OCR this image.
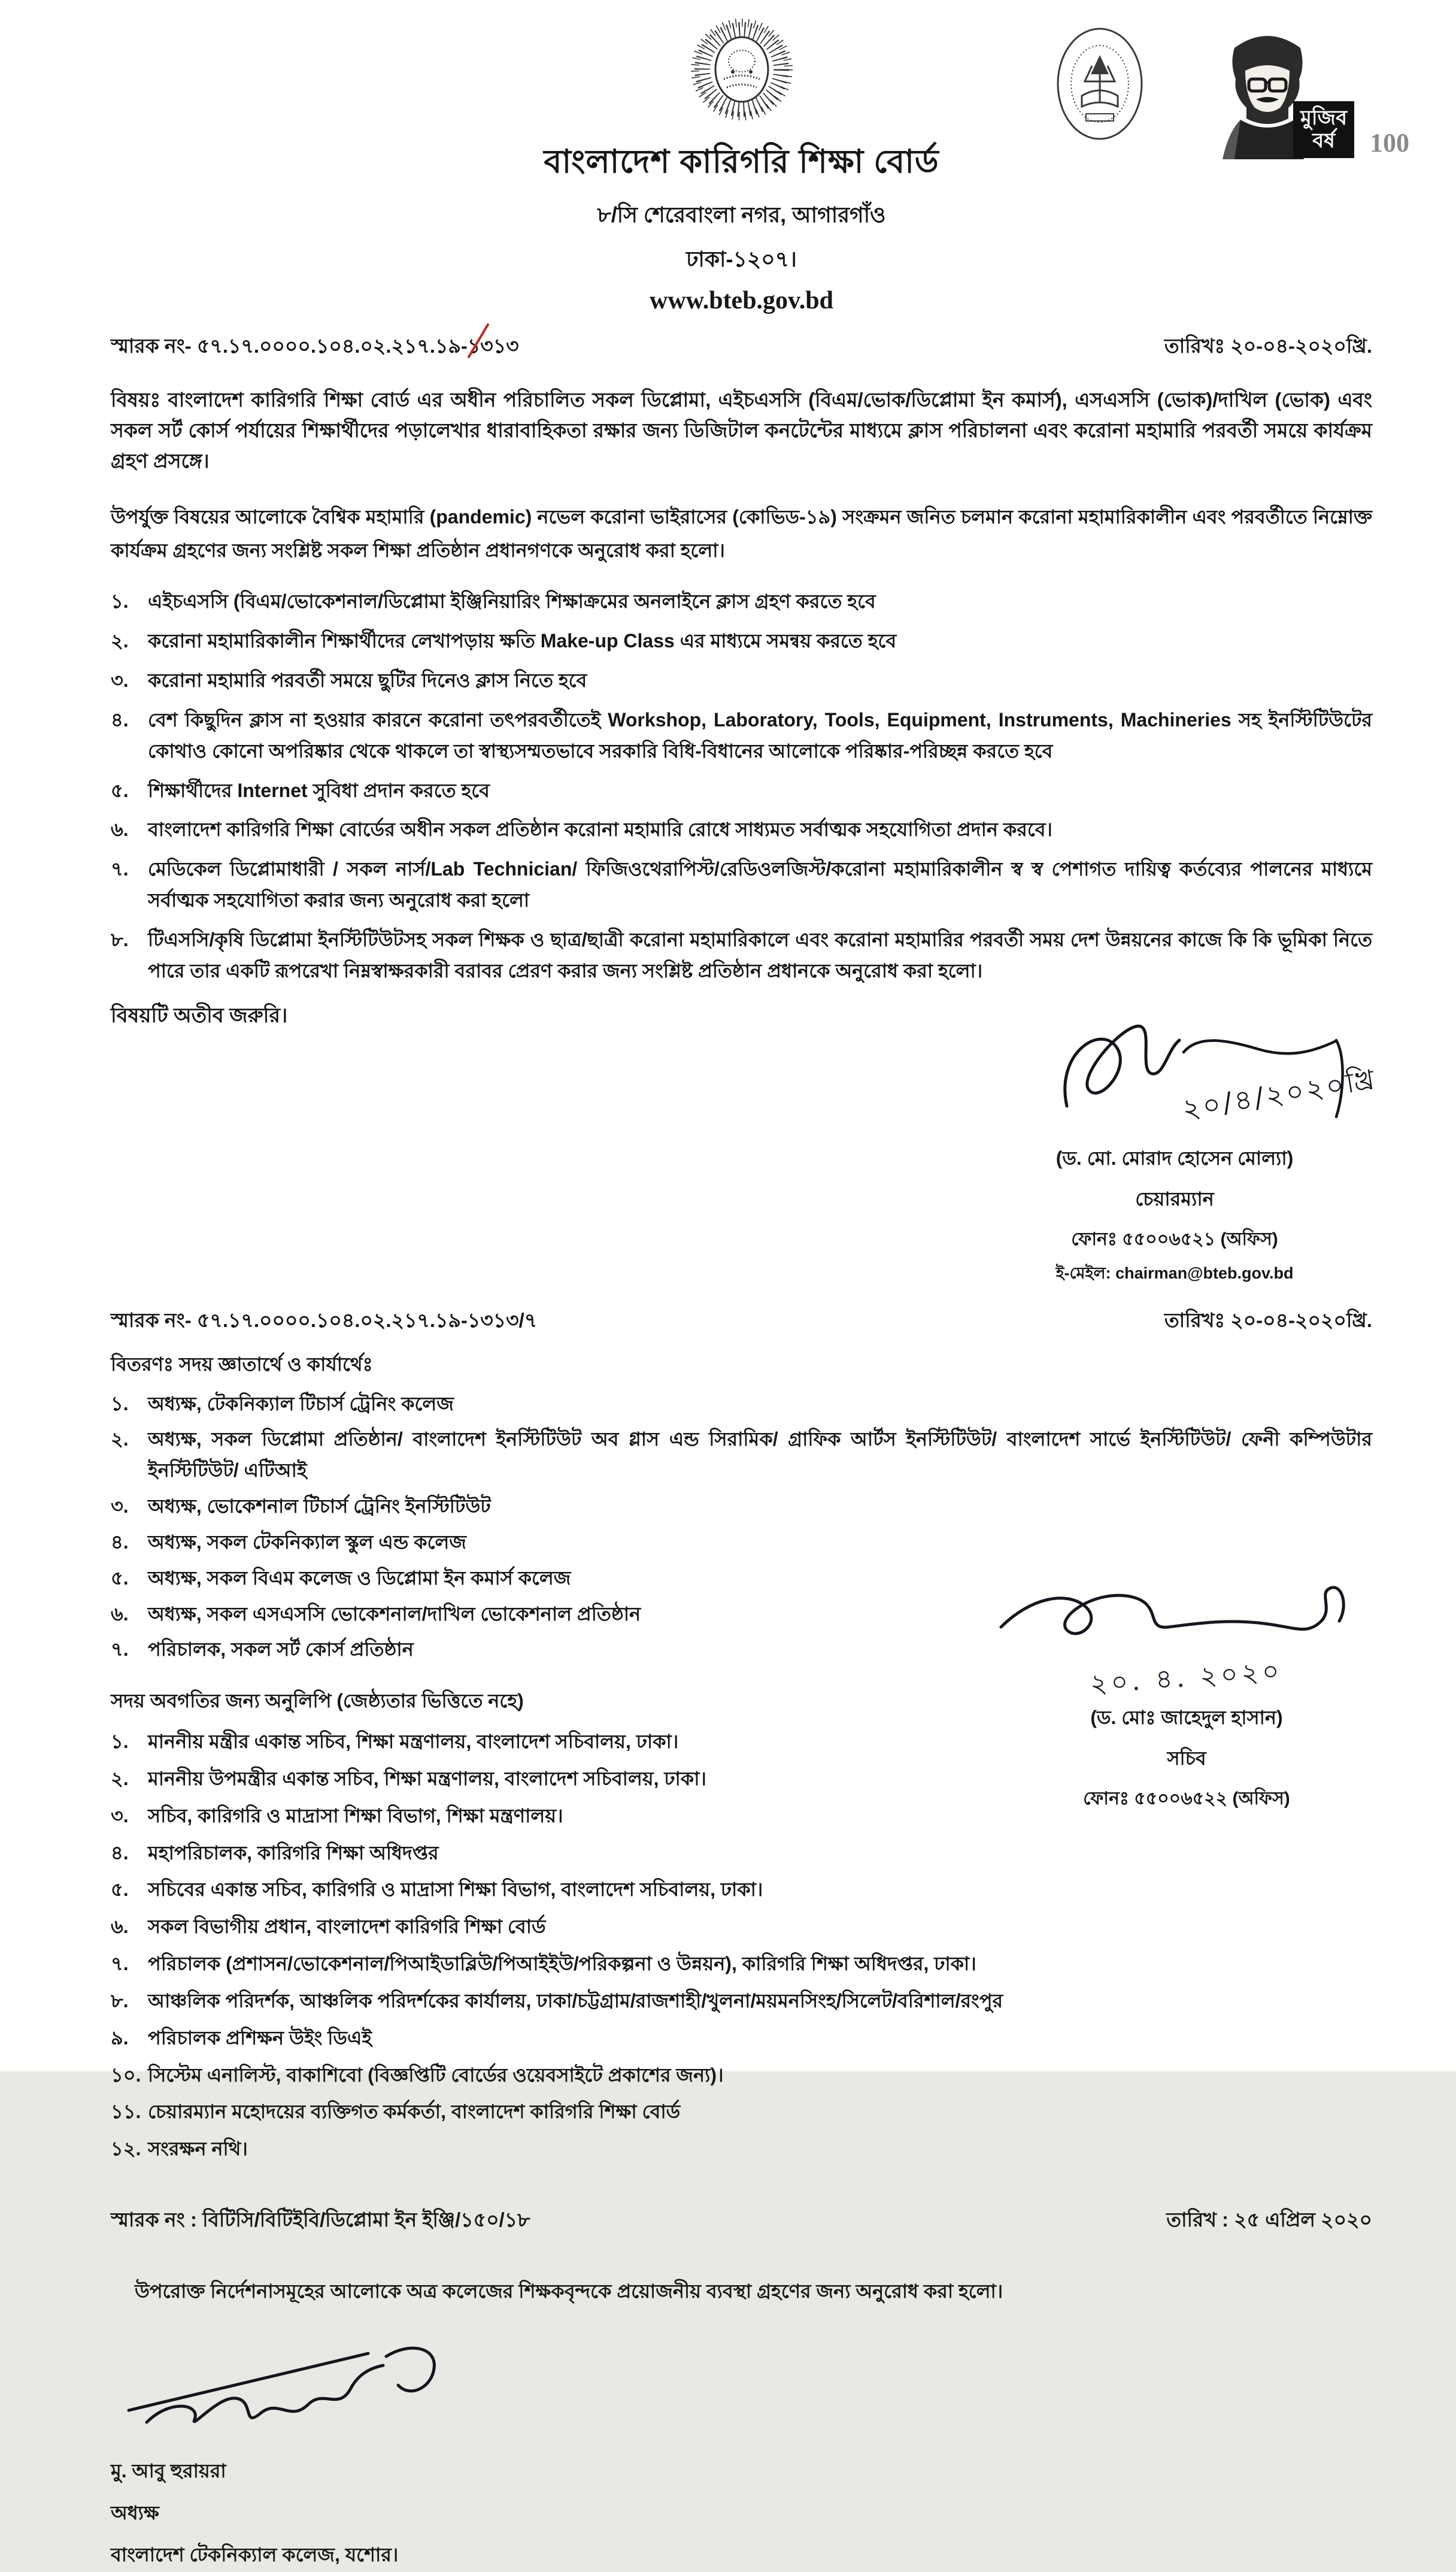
মুজিব
বর্ষ	100
বাংলাদেশ কারিগরি শিক্ষা বোর্ড
৮/সি শেরেবাংলা নগর, আগারগাঁও
ঢাকা-১২০৭।
www.bteb.gov.bd
স্মারক নং- ৫৭.১৭.০০০০.১০৪.০২.২১৭.১৯-১৩১৩	তারিখঃ ২০-০৪-২০২০খ্রি.

বিষয়ঃ বাংলাদেশ কারিগরি শিক্ষা বোর্ড এর অধীন পরিচালিত সকল ডিপ্লোমা, এইচএসসি (বিএম/ভোক/ডিপ্লোমা ইন কমার্স), এসএসসি (ভোক)/দাখিল (ভোক) এবং সকল সর্ট কোর্স পর্যায়ের শিক্ষার্থীদের পড়ালেখার ধারাবাহিকতা রক্ষার জন্য ডিজিটাল কনটেন্টের মাধ্যমে ক্লাস পরিচালনা এবং করোনা মহামারি পরবর্তী সময়ে কার্যক্রম গ্রহণ প্রসঙ্গে।

উপর্যুক্ত বিষয়ের আলোকে বৈশ্বিক মহামারি (pandemic) নভেল করোনা ভাইরাসের (কোভিড-১৯) সংক্রমন জনিত চলমান করোনা মহামারিকালীন এবং পরবর্তীতে নিম্নোক্ত কার্যক্রম গ্রহণের জন্য সংশ্লিষ্ট সকল শিক্ষা প্রতিষ্ঠান প্রধানগণকে অনুরোধ করা হলো।

১.	এইচএসসি (বিএম/ভোকেশনাল/ডিপ্লোমা ইঞ্জিনিয়ারিং শিক্ষাক্রমের অনলাইনে ক্লাস গ্রহণ করতে হবে
২.	করোনা মহামারিকালীন শিক্ষার্থীদের লেখাপড়ায় ক্ষতি Make-up Class এর মাধ্যমে সমন্বয় করতে হবে
৩.	করোনা মহামারি পরবর্তী সময়ে ছুটির দিনেও ক্লাস নিতে হবে
৪.	বেশ কিছুদিন ক্লাস না হওয়ার কারনে করোনা তৎপরবর্তীতেই Workshop, Laboratory, Tools, Equipment, Instruments, Machineries সহ ইনস্টিটিউটের কোথাও কোনো অপরিষ্কার থেকে থাকলে তা স্বাস্থ্যসম্মতভাবে সরকারি বিধি-বিধানের আলোকে পরিষ্কার-পরিচ্ছন্ন করতে হবে
৫.	শিক্ষার্থীদের Internet সুবিধা প্রদান করতে হবে
৬.	বাংলাদেশ কারিগরি শিক্ষা বোর্ডের অধীন সকল প্রতিষ্ঠান করোনা মহামারি রোধে সাধ্যমত সর্বাত্মক সহযোগিতা প্রদান করবে।
৭.	মেডিকেল ডিপ্লোমাধারী / সকল নার্স/Lab Technician/ ফিজিওথেরাপিস্ট/রেডিওলজিস্ট/করোনা মহামারিকালীন স্ব স্ব পেশাগত দায়িত্ব কর্তব্যের পালনের মাধ্যমে সর্বাত্মক সহযোগিতা করার জন্য অনুরোধ করা হলো
৮.	টিএসসি/কৃষি ডিপ্লোমা ইনস্টিটিউটসহ সকল শিক্ষক ও ছাত্র/ছাত্রী করোনা মহামারিকালে এবং করোনা মহামারির পরবর্তী সময় দেশ উন্নয়নের কাজে কি কি ভূমিকা নিতে পারে তার একটি রূপরেখা নিম্নস্বাক্ষরকারী বরাবর প্রেরণ করার জন্য সংশ্লিষ্ট প্রতিষ্ঠান প্রধানকে অনুরোধ করা হলো।
বিষয়টি অতীব জরুরি।
২০/৪/২০২০খ্রি
(ড. মো. মোরাদ হোসেন মোল্যা)
চেয়ারম্যান
ফোনঃ ৫৫০০৬৫২১ (অফিস)
ই-মেইল: chairman@bteb.gov.bd
স্মারক নং- ৫৭.১৭.০০০০.১০৪.০২.২১৭.১৯-১৩১৩/৭	তারিখঃ ২০-০৪-২০২০খ্রি.
বিতরণঃ সদয় জ্ঞাতার্থে ও কার্যার্থেঃ
১.	অধ্যক্ষ, টেকনিক্যাল টিচার্স ট্রেনিং কলেজ
২.	অধ্যক্ষ, সকল ডিপ্লোমা প্রতিষ্ঠান/ বাংলাদেশ ইনস্টিটিউট অব গ্লাস এন্ড সিরামিক/ গ্রাফিক আর্টস ইনস্টিটিউট/ বাংলাদেশ সার্ভে ইনস্টিটিউট/ ফেনী কম্পিউটার ইনস্টিটিউট/ এটিআই
৩.	অধ্যক্ষ, ভোকেশনাল টিচার্স ট্রেনিং ইনস্টিটিউট
৪.	অধ্যক্ষ, সকল টেকনিক্যাল স্কুল এন্ড কলেজ
৫.	অধ্যক্ষ, সকল বিএম কলেজ ও ডিপ্লোমা ইন কমার্স কলেজ
৬.	অধ্যক্ষ, সকল এসএসসি ভোকেশনাল/দাখিল ভোকেশনাল প্রতিষ্ঠান
৭.	পরিচালক, সকল সর্ট কোর্স প্রতিষ্ঠান
সদয় অবগতির জন্য অনুলিপি (জেষ্ঠ্যতার ভিত্তিতে নহে)
১.	মাননীয় মন্ত্রীর একান্ত সচিব, শিক্ষা মন্ত্রণালয়, বাংলাদেশ সচিবালয়, ঢাকা।
২.	মাননীয় উপমন্ত্রীর একান্ত সচিব, শিক্ষা মন্ত্রণালয়, বাংলাদেশ সচিবালয়, ঢাকা।
৩.	সচিব, কারিগরি ও মাদ্রাসা শিক্ষা বিভাগ, শিক্ষা মন্ত্রণালয়।
৪.	মহাপরিচালক, কারিগরি শিক্ষা অধিদপ্তর
৫.	সচিবের একান্ত সচিব, কারিগরি ও মাদ্রাসা শিক্ষা বিভাগ, বাংলাদেশ সচিবালয়, ঢাকা।
৬.	সকল বিভাগীয় প্রধান, বাংলাদেশ কারিগরি শিক্ষা বোর্ড
৭.	পরিচালক (প্রশাসন/ভোকেশনাল/পিআইডাব্লিউ/পিআইইউ/পরিকল্পনা ও উন্নয়ন), কারিগরি শিক্ষা অধিদপ্তর, ঢাকা।
৮.	আঞ্চলিক পরিদর্শক, আঞ্চলিক পরিদর্শকের কার্যালয়, ঢাকা/চট্টগ্রাম/রাজশাহী/খুলনা/ময়মনসিংহ/সিলেট/বরিশাল/রংপুর
৯.	পরিচালক প্রশিক্ষন উইং ডিএই
১০. সিস্টেম এনালিস্ট, বাকাশিবো (বিজ্ঞপ্তিটি বোর্ডের ওয়েবসাইটে প্রকাশের জন্য)।
১১. চেয়ারম্যান মহোদয়ের ব্যক্তিগত কর্মকর্তা, বাংলাদেশ কারিগরি শিক্ষা বোর্ড
১২. সংরক্ষন নথি।
২০. ৪. ২০২০
(ড. মোঃ জাহেদুল হাসান)
সচিব
ফোনঃ ৫৫০০৬৫২২ (অফিস)
স্মারক নং : বিটিসি/বিটিইবি/ডিপ্লোমা ইন ইঞ্জি/১৫০/১৮	তারিখ : ২৫ এপ্রিল ২০২০

উপরোক্ত নির্দেশনাসমূহের আলোকে অত্র কলেজের শিক্ষকবৃন্দকে প্রয়োজনীয় ব্যবস্থা গ্রহণের জন্য অনুরোধ করা হলো।

মু. আবু হুরায়রা
অধ্যক্ষ
বাংলাদেশ টেকনিক্যাল কলেজ, যশোর।
